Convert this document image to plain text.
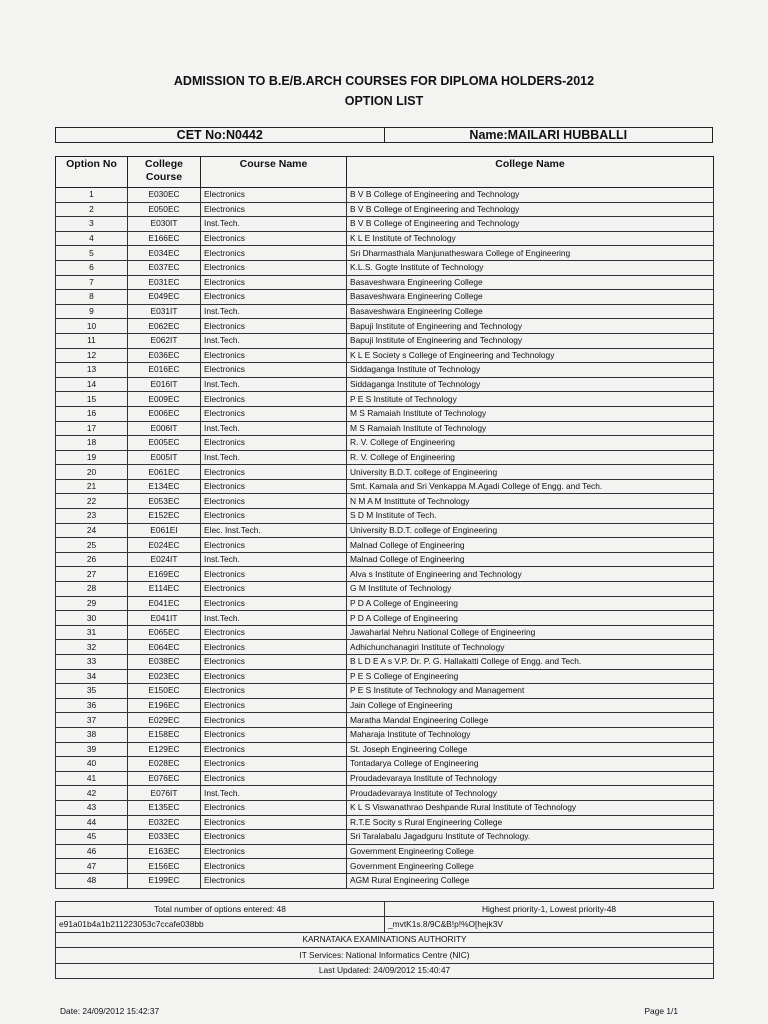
ADMISSION TO B.E/B.ARCH COURSES FOR DIPLOMA HOLDERS-2012
OPTION LIST
CET No:N0442	Name:MAILARI HUBBALLI
Option No	College Course	Course Name	College Name
1	E030EC	Electronics	B V B College of Engineering and Technology
2	E050EC	Electronics	B V B College of Engineering and Technology
3	E030IT	Inst.Tech.	B V B College of Engineering and Technology
4	E166EC	Electronics	K L E Institute of Technology
5	E034EC	Electronics	Sri Dharmasthala Manjunatheswara College of Engineering
6	E037EC	Electronics	K.L.S. Gogte Institute of Technology
7	E031EC	Electronics	Basaveshwara Engineering College
8	E049EC	Electronics	Basaveshwara Engineering College
9	E031IT	Inst.Tech.	Basaveshwara Engineering College
10	E062EC	Electronics	Bapuji Institute of Engineering and Technology
11	E062IT	Inst.Tech.	Bapuji Institute of Engineering and Technology
12	E036EC	Electronics	K L E Society s College of Engineering and Technology
13	E016EC	Electronics	Siddaganga Institute of Technology
14	E016IT	Inst.Tech.	Siddaganga Institute of Technology
15	E009EC	Electronics	P E S Institute of Technology
16	E006EC	Electronics	M S Ramaiah Institute of Technology
17	E006IT	Inst.Tech.	M S Ramaiah Institute of Technology
18	E005EC	Electronics	R. V. College of Engineering
19	E005IT	Inst.Tech.	R. V. College of Engineering
20	E061EC	Electronics	University B.D.T. college of Engineering
21	E134EC	Electronics	Smt. Kamala and Sri Venkappa M.Agadi College of Engg. and Tech.
22	E053EC	Electronics	N M A M Instittute of Technology
23	E152EC	Electronics	S D M Institute of Tech.
24	E061EI	Elec. Inst.Tech.	University B.D.T. college of Engineering
25	E024EC	Electronics	Malnad College of Engineering
26	E024IT	Inst.Tech.	Malnad College of Engineering
27	E169EC	Electronics	Alva s Institute of Engineering and Technology
28	E114EC	Electronics	G M Institute of Technology
29	E041EC	Electronics	P D A College of Engineering
30	E041IT	Inst.Tech.	P D A College of Engineering
31	E065EC	Electronics	Jawaharlal Nehru National College of Engineering
32	E064EC	Electronics	Adhichunchanagiri Institute of Technology
33	E038EC	Electronics	B L D E A s V.P. Dr. P. G. Hallakatti College of Engg. and Tech.
34	E023EC	Electronics	P E S College of Engineering
35	E150EC	Electronics	P E S Institute of Technology and Management
36	E196EC	Electronics	Jain College of Engineering
37	E029EC	Electronics	Maratha Mandal Engineering College
38	E158EC	Electronics	Maharaja Institute of Technology
39	E129EC	Electronics	St. Joseph Engineering College
40	E028EC	Electronics	Tontadarya College of Engineering
41	E076EC	Electronics	Proudadevaraya Institute of Technology
42	E076IT	Inst.Tech.	Proudadevaraya Institute of Technology
43	E135EC	Electronics	K L S Viswanathrao Deshpande Rural Institute of Technology
44	E032EC	Electronics	R.T.E Socity s Rural Engineering College
45	E033EC	Electronics	Sri Taralabalu Jagadguru Institute of Technology.
46	E163EC	Electronics	Government Engineering College
47	E156EC	Electronics	Government Engineering College
48	E199EC	Electronics	AGM Rural Engineering College
Total number of options entered: 48	Highest priority-1, Lowest priority-48
e91a01b4a1b211223053c7ccafe038bb	_mvtK1s.8/9C&B!p!%O[hejk3V
KARNATAKA EXAMINATIONS AUTHORITY	
IT Services: National Informatics Centre (NIC)	
Last Updated: 24/09/2012 15:40:47	
Date: 24/09/2012 15:42:37	Page 1/1
